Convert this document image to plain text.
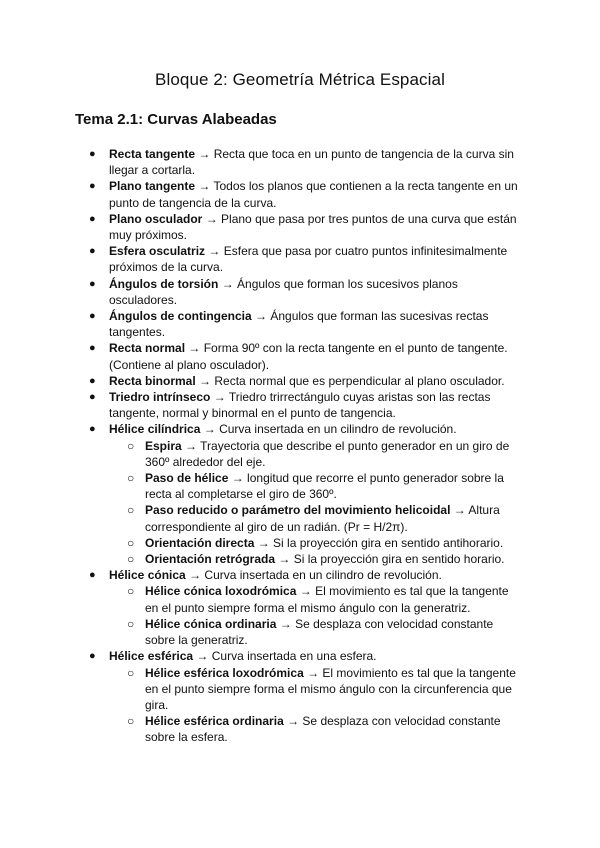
Bloque 2: Geometría Métrica Espacial
Tema 2.1: Curvas Alabeadas
● Recta tangente → Recta que toca en un punto de tangencia de la curva sin llegar a cortarla.
● Plano tangente → Todos los planos que contienen a la recta tangente en un punto de tangencia de la curva.
● Plano osculador → Plano que pasa por tres puntos de una curva que están muy próximos.
● Esfera osculatriz → Esfera que pasa por cuatro puntos infinitesimalmente próximos de la curva.
● Ángulos de torsión → Ángulos que forman los sucesivos planos osculadores.
● Ángulos de contingencia → Ángulos que forman las sucesivas rectas tangentes.
● Recta normal → Forma 90º con la recta tangente en el punto de tangente. (Contiene al plano osculador).
● Recta binormal → Recta normal que es perpendicular al plano osculador.
● Triedro intrínseco → Triedro trirrectángulo cuyas aristas son las rectas tangente, normal y binormal en el punto de tangencia.
● Hélice cilíndrica → Curva insertada en un cilindro de revolución.
○ Espira → Trayectoria que describe el punto generador en un giro de 360º alrededor del eje.
○ Paso de hélice → longitud que recorre el punto generador sobre la recta al completarse el giro de 360º.
○ Paso reducido o parámetro del movimiento helicoidal → Altura correspondiente al giro de un radián. (Pr = H/2π).
○ Orientación directa → Si la proyección gira en sentido antihorario.
○ Orientación retrógrada → Si la proyección gira en sentido horario.
● Hélice cónica → Curva insertada en un cilindro de revolución.
○ Hélice cónica loxodrómica → El movimiento es tal que la tangente en el punto siempre forma el mismo ángulo con la generatriz.
○ Hélice cónica ordinaria → Se desplaza con velocidad constante sobre la generatriz.
● Hélice esférica → Curva insertada en una esfera.
○ Hélice esférica loxodrómica → El movimiento es tal que la tangente en el punto siempre forma el mismo ángulo con la circunferencia que gira.
○ Hélice esférica ordinaria → Se desplaza con velocidad constante sobre la esfera.
